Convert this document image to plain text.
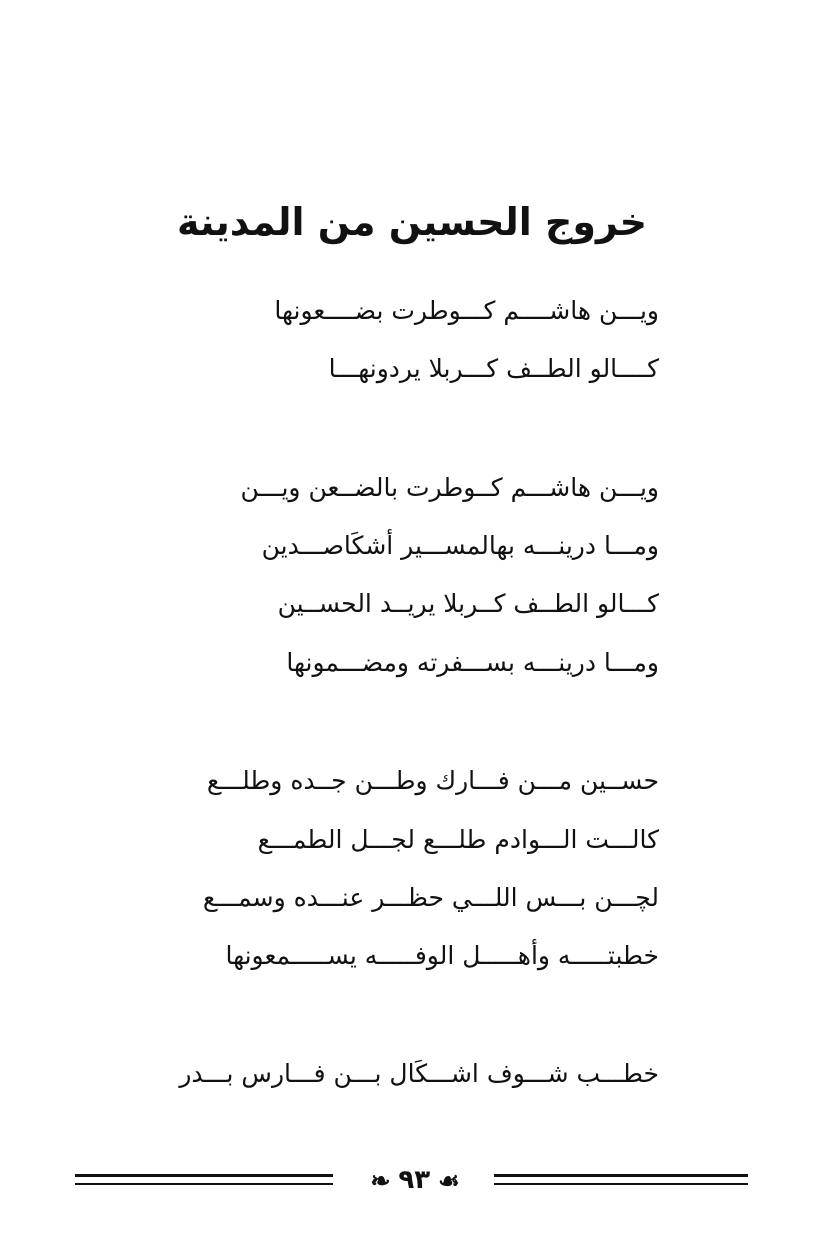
خروج الحسين من المدينة
ويـــن هاشــــم كـــوطرت بضــــعونها
كــــالو الطــف كـــربلا يردونهـــا
ويـــن هاشـــم كــوطرت بالضــعن ويـــن
ومـــا درينـــه بهالمســـير أشكَاصـــدين
كـــالو الطــف كــربلا يريــد الحســين
ومـــا درينـــه بســـفرته ومضـــمونها
حســين مـــن فـــارك وطـــن جــده وطلـــع
كالـــت الـــوادم طلـــع لجـــل الطمـــع
لچـــن بـــس اللـــي حظـــر عنـــده وسمـــع
خطبتـــــه وأهـــــل الوفـــــه يســـــمعونها
خطـــب شـــوف اشـــكَال بـــن فـــارس بـــدر
❧ ٩٣ ☙
